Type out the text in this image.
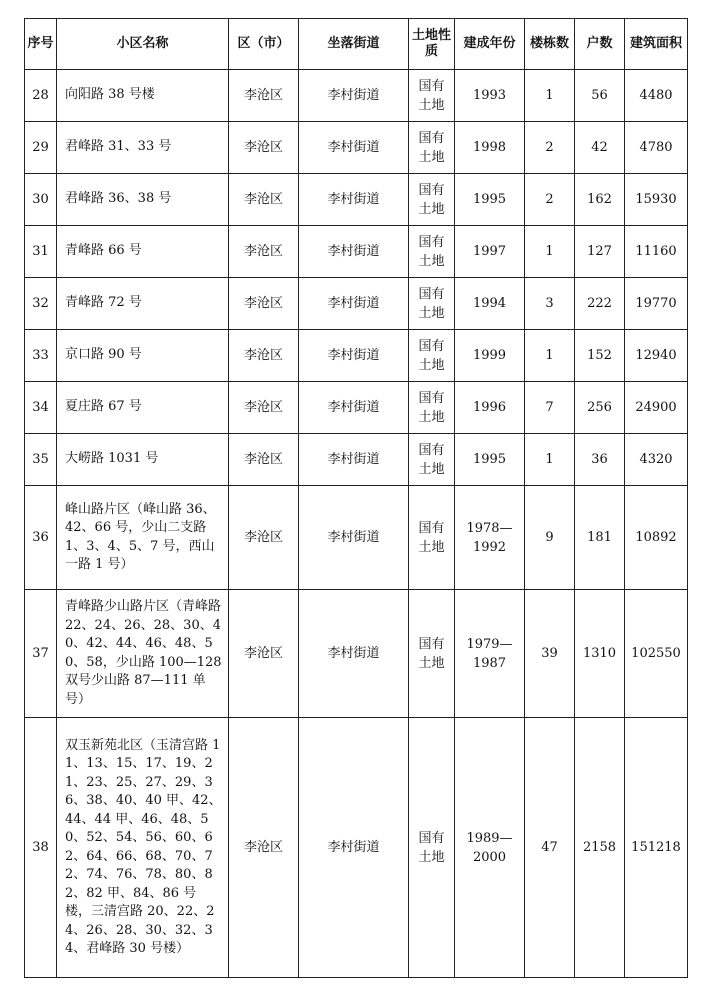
序号	小区名称	区（市）	坐落街道	土地性质	建成年份	楼栋数	户数	建筑面积
28	向阳路 38 号楼	李沧区	李村街道	国有土地	1993	1	56	4480
29	君峰路 31、33 号	李沧区	李村街道	国有土地	1998	2	42	4780
30	君峰路 36、38 号	李沧区	李村街道	国有土地	1995	2	162	15930
31	青峰路 66 号	李沧区	李村街道	国有土地	1997	1	127	11160
32	青峰路 72 号	李沧区	李村街道	国有土地	1994	3	222	19770
33	京口路 90 号	李沧区	李村街道	国有土地	1999	1	152	12940
34	夏庄路 67 号	李沧区	李村街道	国有土地	1996	7	256	24900
35	大崂路 1031 号	李沧区	李村街道	国有土地	1995	1	36	4320
36	峰山路片区（峰山路 36、42、66 号，少山二支路 1、3、4、5、7 号，西山一路 1 号）	李沧区	李村街道	国有土地	1978—1992	9	181	10892
37	青峰路少山路片区（青峰路 22、24、26、28、30、40、42、44、46、48、50、58，少山路 100—128 双号少山路 87—111 单号）	李沧区	李村街道	国有土地	1979—1987	39	1310	102550
38	双玉新苑北区（玉清宫路 11、13、15、17、19、21、23、25、27、29、36、38、40、40 甲、42、44、44 甲、46、48、50、52、54、56、60、62、64、66、68、70、72、74、76、78、80、82、82 甲、84、86 号楼，三清宫路 20、22、24、26、28、30、32、34、君峰路 30 号楼）	李沧区	李村街道	国有土地	1989—2000	47	2158	151218
